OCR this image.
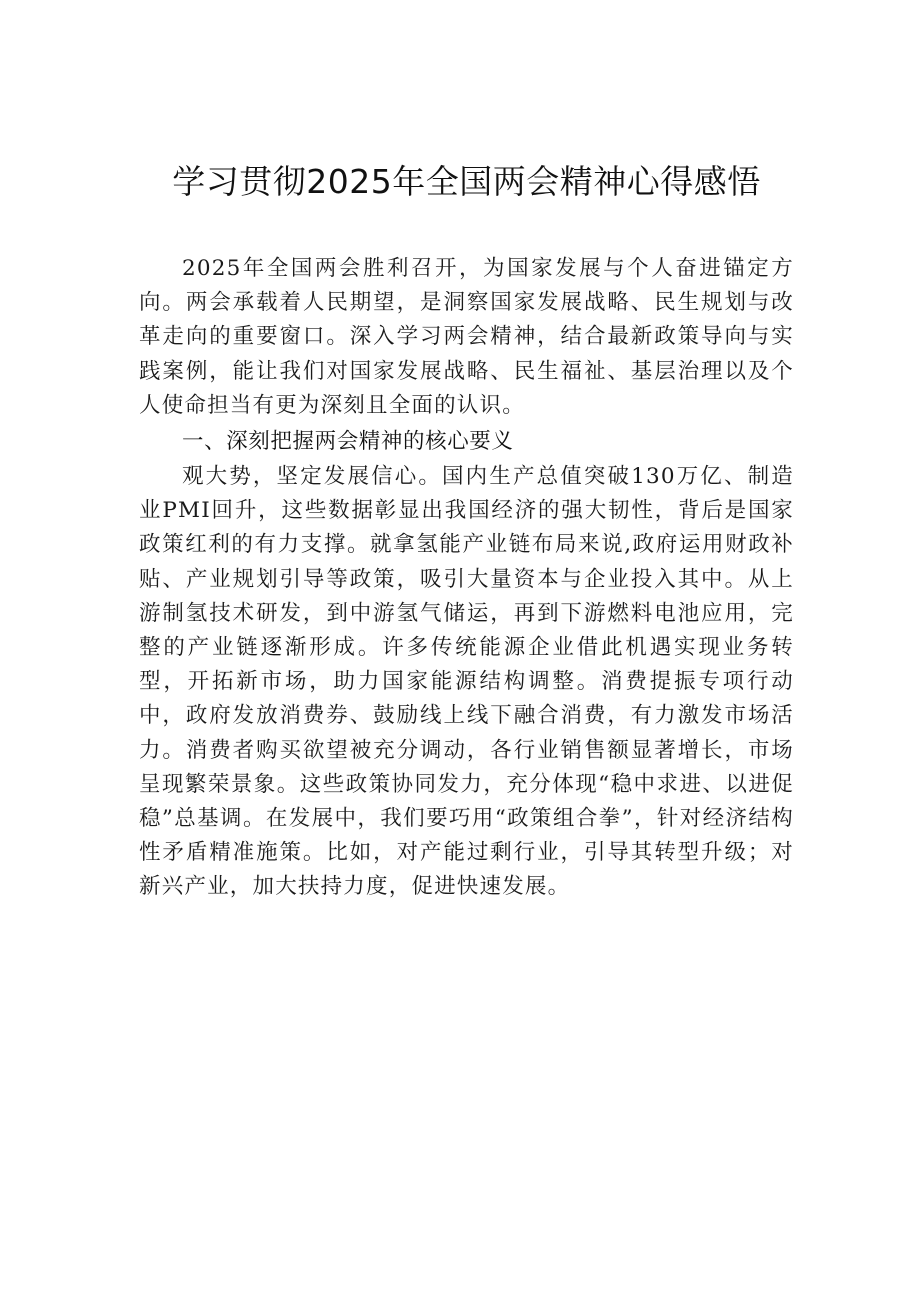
学习贯彻2025年全国两会精神心得感悟

2025年全国两会胜利召开，为国家发展与个人奋进锚定方向。两会承载着人民期望，是洞察国家发展战略、民生规划与改革走向的重要窗口。深入学习两会精神，结合最新政策导向与实践案例，能让我们对国家发展战略、民生福祉、基层治理以及个人使命担当有更为深刻且全面的认识。

一、深刻把握两会精神的核心要义

观大势，坚定发展信心。国内生产总值突破130万亿、制造业PMI回升，这些数据彰显出我国经济的强大韧性，背后是国家政策红利的有力支撑。就拿氢能产业链布局来说,政府运用财政补贴、产业规划引导等政策，吸引大量资本与企业投入其中。从上游制氢技术研发，到中游氢气储运，再到下游燃料电池应用，完整的产业链逐渐形成。许多传统能源企业借此机遇实现业务转型，开拓新市场，助力国家能源结构调整。消费提振专项行动中，政府发放消费券、鼓励线上线下融合消费，有力激发市场活力。消费者购买欲望被充分调动，各行业销售额显著增长，市场呈现繁荣景象。这些政策协同发力，充分体现“稳中求进、以进促稳”总基调。在发展中，我们要巧用“政策组合拳”，针对经济结构性矛盾精准施策。比如，对产能过剩行业，引导其转型升级；对新兴产业，加大扶持力度，促进快速发展。
